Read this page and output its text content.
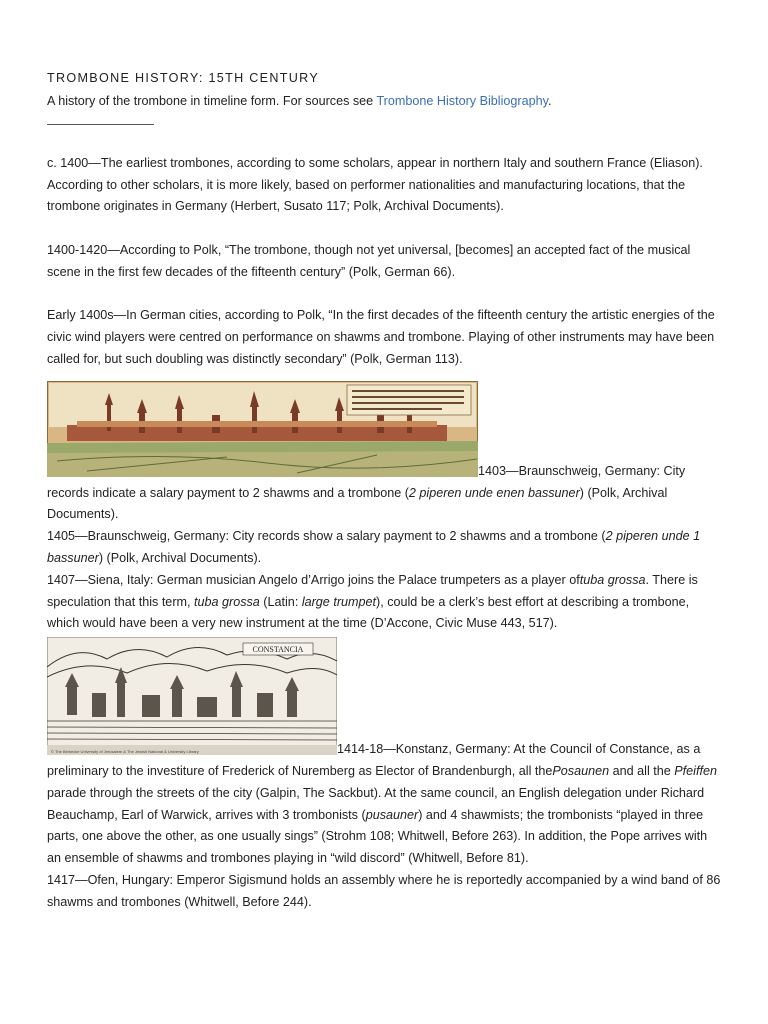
TROMBONE HISTORY: 15TH CENTURY

A history of the trombone in timeline form. For sources see Trombone History Bibliography.

c. 1400—The earliest trombones, according to some scholars, appear in northern Italy and southern France (Eliason). According to other scholars, it is more likely, based on performer nationalities and manufacturing locations, that the trombone originates in Germany (Herbert, Susato 117; Polk, Archival Documents).

1400-1420—According to Polk, “The trombone, though not yet universal, [becomes] an accepted fact of the musical scene in the first few decades of the fifteenth century” (Polk, German 66).

Early 1400s—In German cities, according to Polk, “In the first decades of the fifteenth century the artistic energies of the civic wind players were centred on performance on shawms and trombone. Playing of other instruments may have been called for, but such doubling was distinctly secondary” (Polk, German 113).

1403—Braunschweig, Germany: City records indicate a salary payment to 2 shawms and a trombone (2 piperen unde enen bassuner) (Polk, Archival Documents).

1405—Braunschweig, Germany: City records show a salary payment to 2 shawms and a trombone (2 piperen unde 1 bassuner) (Polk, Archival Documents).

1407—Siena, Italy: German musician Angelo d’Arrigo joins the Palace trumpeters as a player oftuba grossa. There is speculation that this term, tuba grossa (Latin: large trumpet), could be a clerk’s best effort at describing a trombone, which would have been a very new instrument at the time (D’Accone, Civic Muse 443, 517).

CONSTANCIA
© The Beinecke University of Jerusalem & The Jewish National & University Library	1414-18—Konstanz, Germany: At the Council of Constance, as a preliminary to the investiture of Frederick of Nuremberg as Elector of Brandenburgh, all thePosaunen and all the Pfeiffen parade through the streets of the city (Galpin, The Sackbut). At the same council, an English delegation under Richard Beauchamp, Earl of Warwick, arrives with 3 trombonists (pusauner) and 4 shawmists; the trombonists “played in three parts, one above the other, as one usually sings” (Strohm 108; Whitwell, Before 263). In addition, the Pope arrives with an ensemble of shawms and trombones playing in “wild discord” (Whitwell, Before 81).

1417—Ofen, Hungary: Emperor Sigismund holds an assembly where he is reportedly accompanied by a wind band of 86 shawms and trombones (Whitwell, Before 244).
